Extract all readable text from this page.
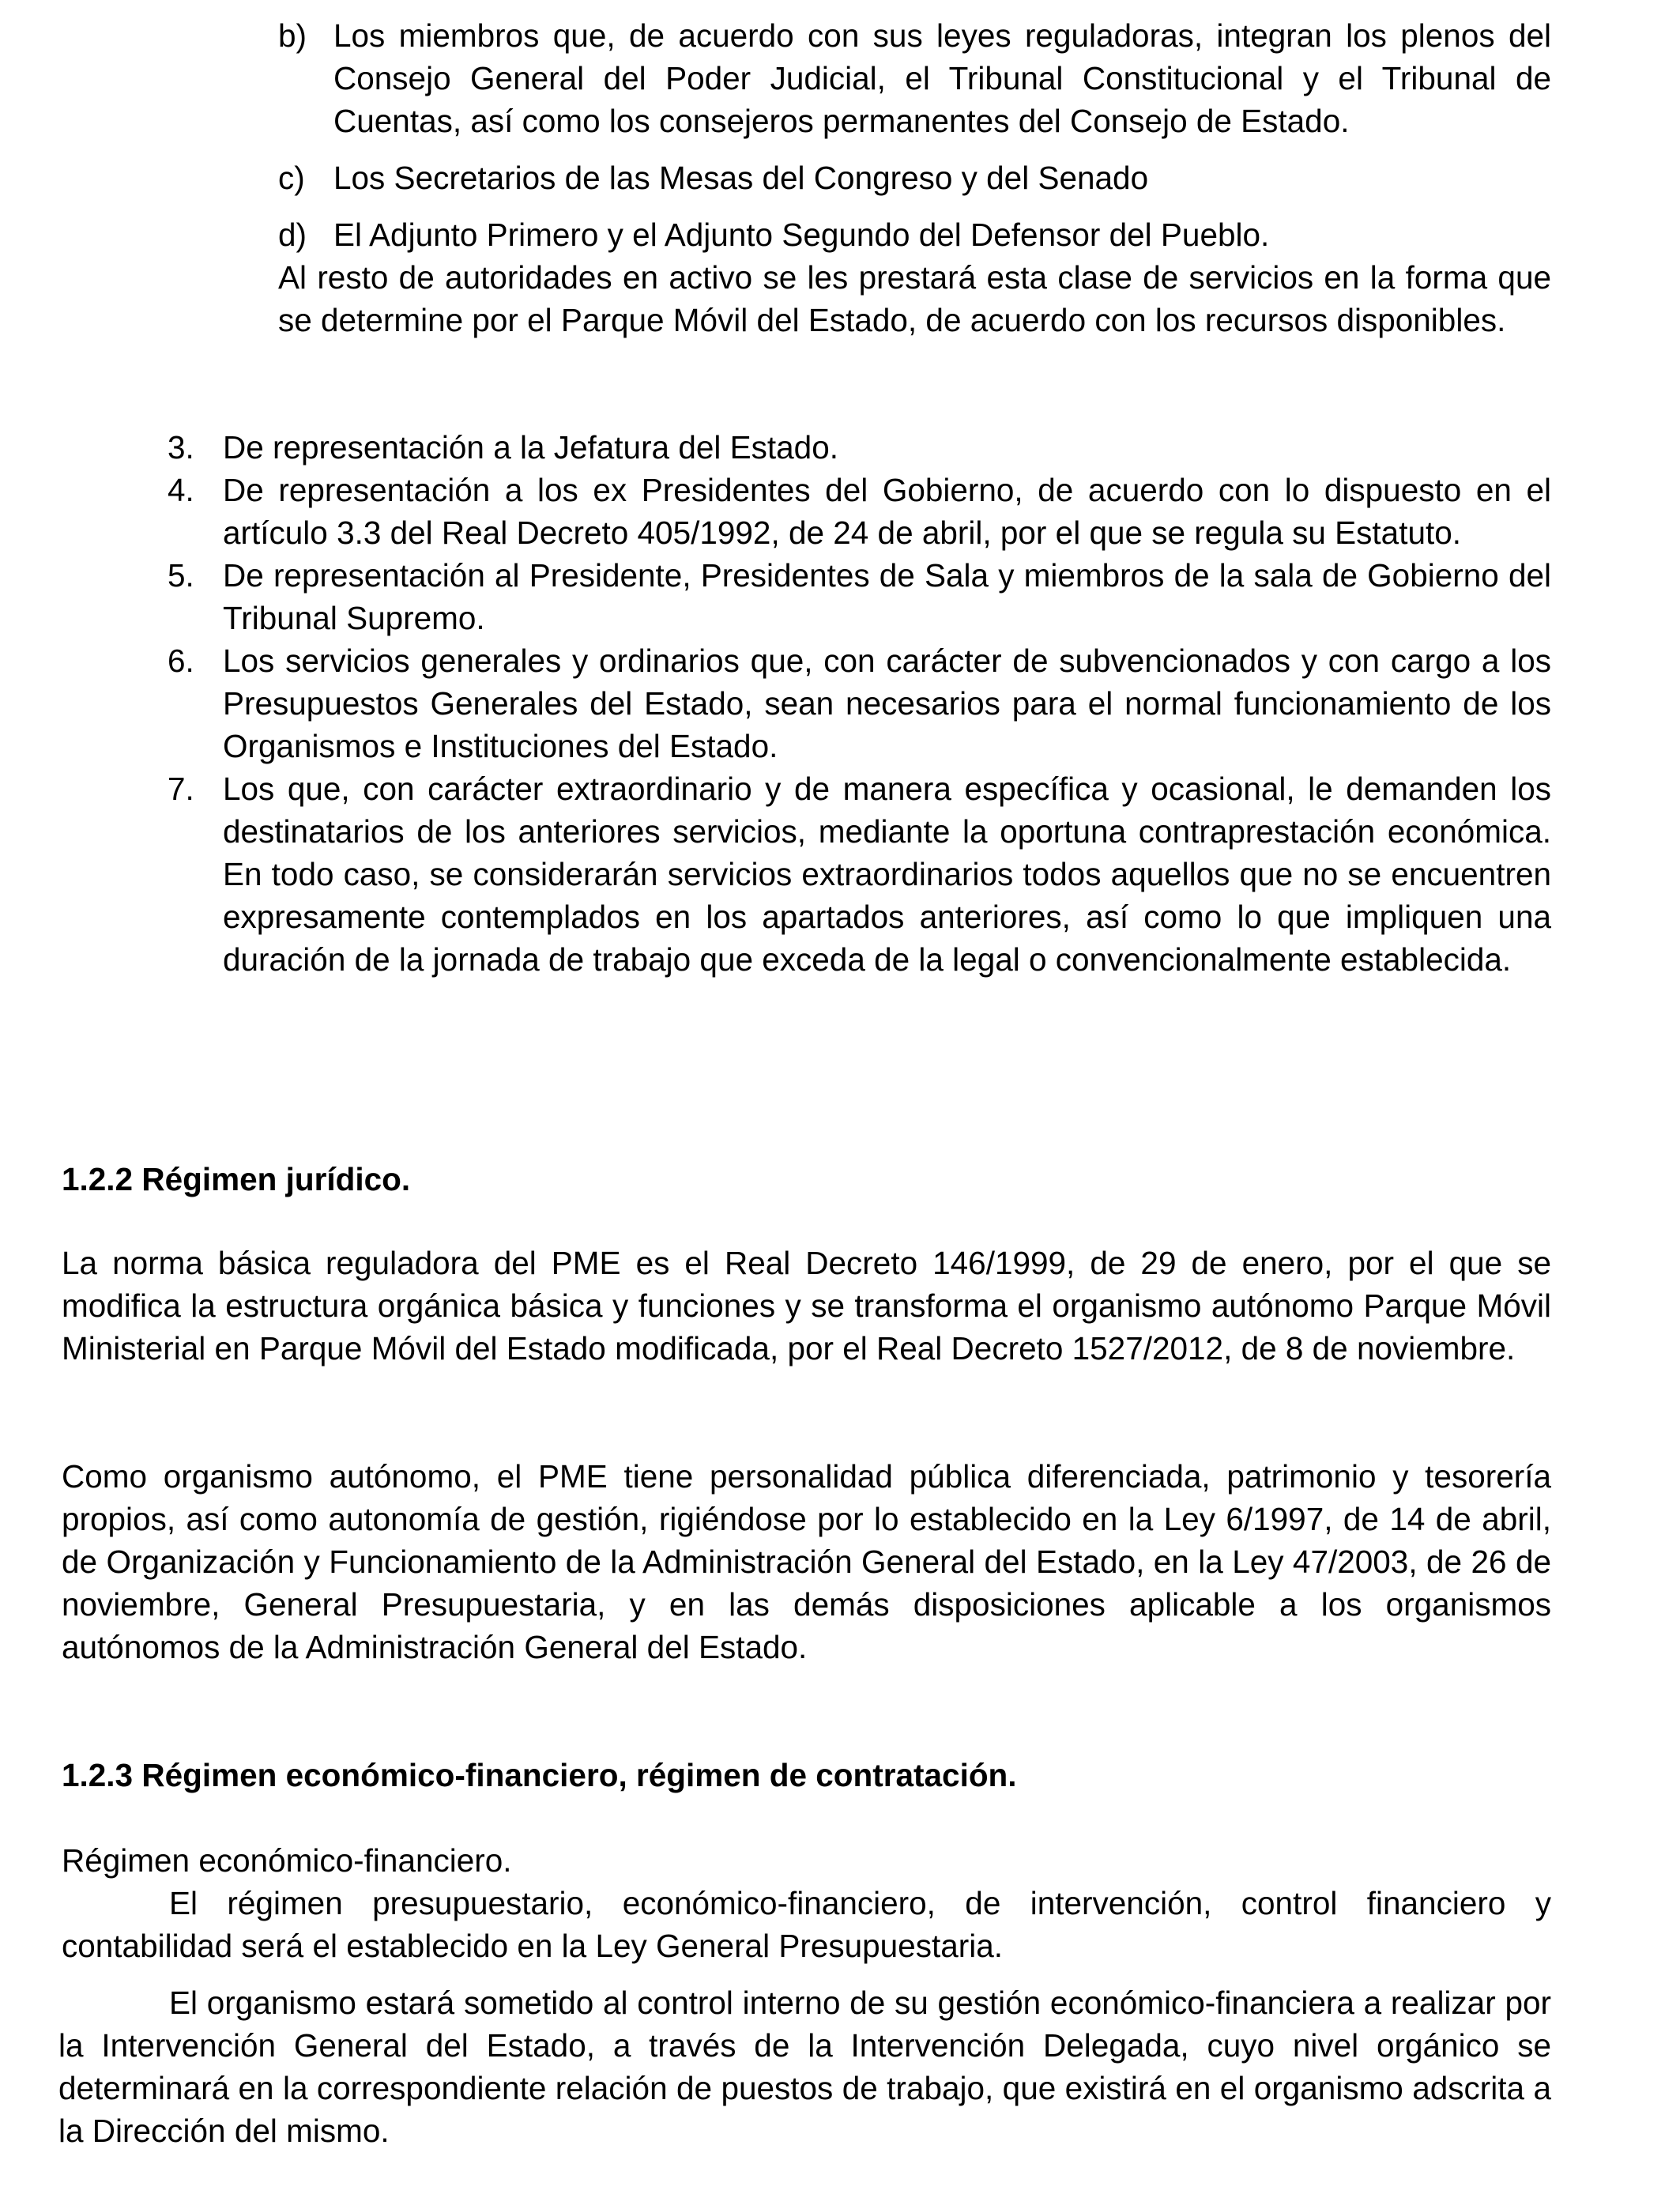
b) Los miembros que, de acuerdo con sus leyes reguladoras, integran los plenos del Consejo General del Poder Judicial, el Tribunal Constitucional y el Tribunal de Cuentas, así como los consejeros permanentes del Consejo de Estado.

c) Los Secretarios de las Mesas del Congreso y del Senado

d) El Adjunto Primero y el Adjunto Segundo del Defensor del Pueblo.

Al resto de autoridades en activo se les prestará esta clase de servicios en la forma que se determine por el Parque Móvil del Estado, de acuerdo con los recursos disponibles.

3. De representación a la Jefatura del Estado.

4. De representación a los ex Presidentes del Gobierno, de acuerdo con lo dispuesto en el artículo 3.3 del Real Decreto 405/1992, de 24 de abril, por el que se regula su Estatuto.

5. De representación al Presidente, Presidentes de Sala y miembros de la sala de Gobierno del Tribunal Supremo.

6. Los servicios generales y ordinarios que, con carácter de subvencionados y con cargo a los Presupuestos Generales del Estado, sean necesarios para el normal funcionamiento de los Organismos e Instituciones del Estado.

7. Los que, con carácter extraordinario y de manera específica y ocasional, le demanden los destinatarios de los anteriores servicios, mediante la oportuna contraprestación económica. En todo caso, se considerarán servicios extraordinarios todos aquellos que no se encuentren expresamente contemplados en los apartados anteriores, así como lo que impliquen una duración de la jornada de trabajo que exceda de la legal o convencionalmente establecida.

1.2.2 Régimen jurídico.

La norma básica reguladora del PME es el Real Decreto 146/1999, de 29 de enero, por el que se modifica la estructura orgánica básica y funciones y se transforma el organismo autónomo Parque Móvil Ministerial en Parque Móvil del Estado modificada, por el Real Decreto 1527/2012, de 8 de noviembre.

Como organismo autónomo, el PME tiene personalidad pública diferenciada, patrimonio y tesorería propios, así como autonomía de gestión, rigiéndose por lo establecido en la Ley 6/1997, de 14 de abril, de Organización y Funcionamiento de la Administración General del Estado, en la Ley 47/2003, de 26 de noviembre, General Presupuestaria, y en las demás disposiciones aplicable a los organismos autónomos de la Administración General del Estado.

1.2.3 Régimen económico-financiero, régimen de contratación.

Régimen económico-financiero.

El régimen presupuestario, económico-financiero, de intervención, control financiero y contabilidad será el establecido en la Ley General Presupuestaria.

El organismo estará sometido al control interno de su gestión económico-financiera a realizar por la Intervención General del Estado, a través de la Intervención Delegada, cuyo nivel orgánico se determinará en la correspondiente relación de puestos de trabajo, que existirá en el organismo adscrita a la Dirección del mismo.
